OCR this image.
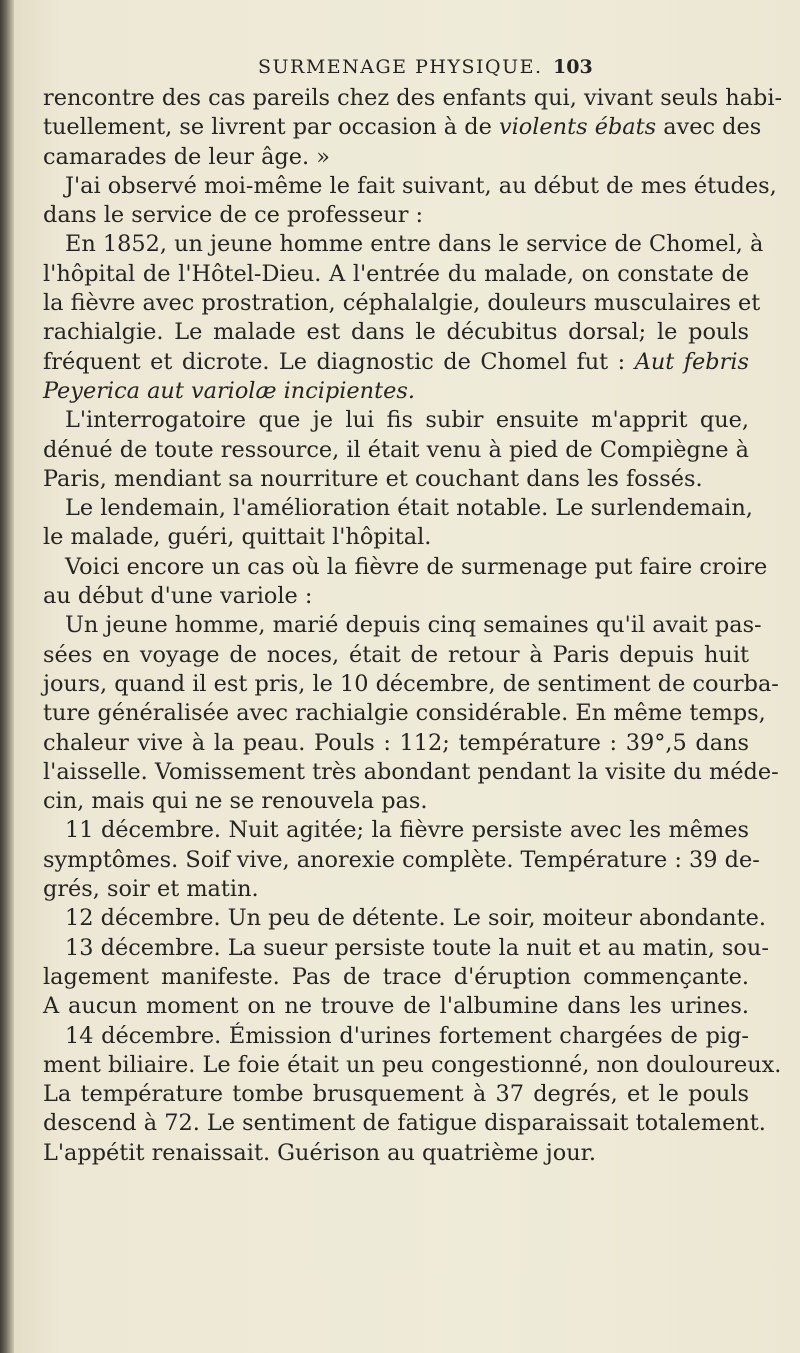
SURMENAGE PHYSIQUE. 103
rencontre des cas pareils chez des enfants qui, vivant seuls habi-
tuellement, se livrent par occasion à de violents ébats avec des
camarades de leur âge. »
J'ai observé moi-même le fait suivant, au début de mes études,
dans le service de ce professeur :
En 1852, un jeune homme entre dans le service de Chomel, à
l'hôpital de l'Hôtel-Dieu. A l'entrée du malade, on constate de
la fièvre avec prostration, céphalalgie, douleurs musculaires et
rachialgie. Le malade est dans le décubitus dorsal; le pouls
fréquent et dicrote. Le diagnostic de Chomel fut : Aut febris
Peyerica aut variolæ incipientes.
L'interrogatoire que je lui fis subir ensuite m'apprit que,
dénué de toute ressource, il était venu à pied de Compiègne à
Paris, mendiant sa nourriture et couchant dans les fossés.
Le lendemain, l'amélioration était notable. Le surlendemain,
le malade, guéri, quittait l'hôpital.
Voici encore un cas où la fièvre de surmenage put faire croire
au début d'une variole :
Un jeune homme, marié depuis cinq semaines qu'il avait pas-
sées en voyage de noces, était de retour à Paris depuis huit
jours, quand il est pris, le 10 décembre, de sentiment de courba-
ture généralisée avec rachialgie considérable. En même temps,
chaleur vive à la peau. Pouls : 112; température : 39°,5 dans
l'aisselle. Vomissement très abondant pendant la visite du méde-
cin, mais qui ne se renouvela pas.
11 décembre. Nuit agitée; la fièvre persiste avec les mêmes
symptômes. Soif vive, anorexie complète. Température : 39 de-
grés, soir et matin.
12 décembre. Un peu de détente. Le soir, moiteur abondante.
13 décembre. La sueur persiste toute la nuit et au matin, sou-
lagement manifeste. Pas de trace d'éruption commençante.
A aucun moment on ne trouve de l'albumine dans les urines.
14 décembre. Émission d'urines fortement chargées de pig-
ment biliaire. Le foie était un peu congestionné, non douloureux.
La température tombe brusquement à 37 degrés, et le pouls
descend à 72. Le sentiment de fatigue disparaissait totalement.
L'appétit renaissait. Guérison au quatrième jour.
